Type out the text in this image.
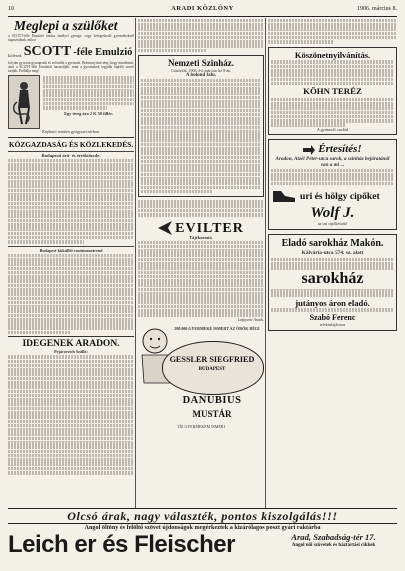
10	ARADI KÖZLÖNY	1906. március 8.
Meglepi a szülőket

a SCOTT-féle Emulzió hatása amelyet gyenge, vagy betegeskedő gyermekeknél tapasztalnak, mikor

kölesek SCOTT -féle Emulzió

folytán gyorsan gyarapszik és erősödik a gyermek. Bebizonyított tény, hogy mindenütt, ahol a SCOTT-féle Emulziót használják, mint a gyermekek legjobb tápláló szerét tartják. Próbálja meg!

Egy üveg ára 2 K 50 fillér.

Kapható minden gyógyszertárban.

KÖZGAZDASÁG ÉS KÖZLEKEDÉS.

Budapesti árú- és értéktőzsde.

Budapest-küküllői vasútmenetrend

IDEGENEK ARADON.

Pejacsevich Szálló:

Nemzeti Szinház.

Csütörtök, 1906. évi március hó 8-án.

A bolond falu.

EVILTER

Tájékoztató.

Lafayette Arads.

200.000 GYERMEKE ISMERT AZ ÖRÖK RÉGI

GESSLER SIEGFRIED
BUDAPEST
DANUBIUS
MUSTÁR

TÍZ GYERMEKEM ISMERI

Köszönetnyilvánítás.
KÖHN TERÉZ

A gyászoló család

Értesítés!

Aradon, Atzél Péter-utca sarok, a szinház bejáratánál van a mi ...

uri és hölgy cipőket
Wolf J.

az uri cipőkészítő

Eladó sarokház Makón.

Kálvária-utca 574. sz. alatt

sarokház
jutányos áron eladó.
Szabó Ferenc

telektulajdonos

Olcsó árak, nagy választék, pontos kiszolgálás!!!
Angol öltöny és felöltő szövet újdonságok megérkeztek a kizárólagos poszt gyári raktárba
Leich er és Fleischer	Arad, Szabadság-tér 17.
Angol női szövetek és háztartási cikkek
